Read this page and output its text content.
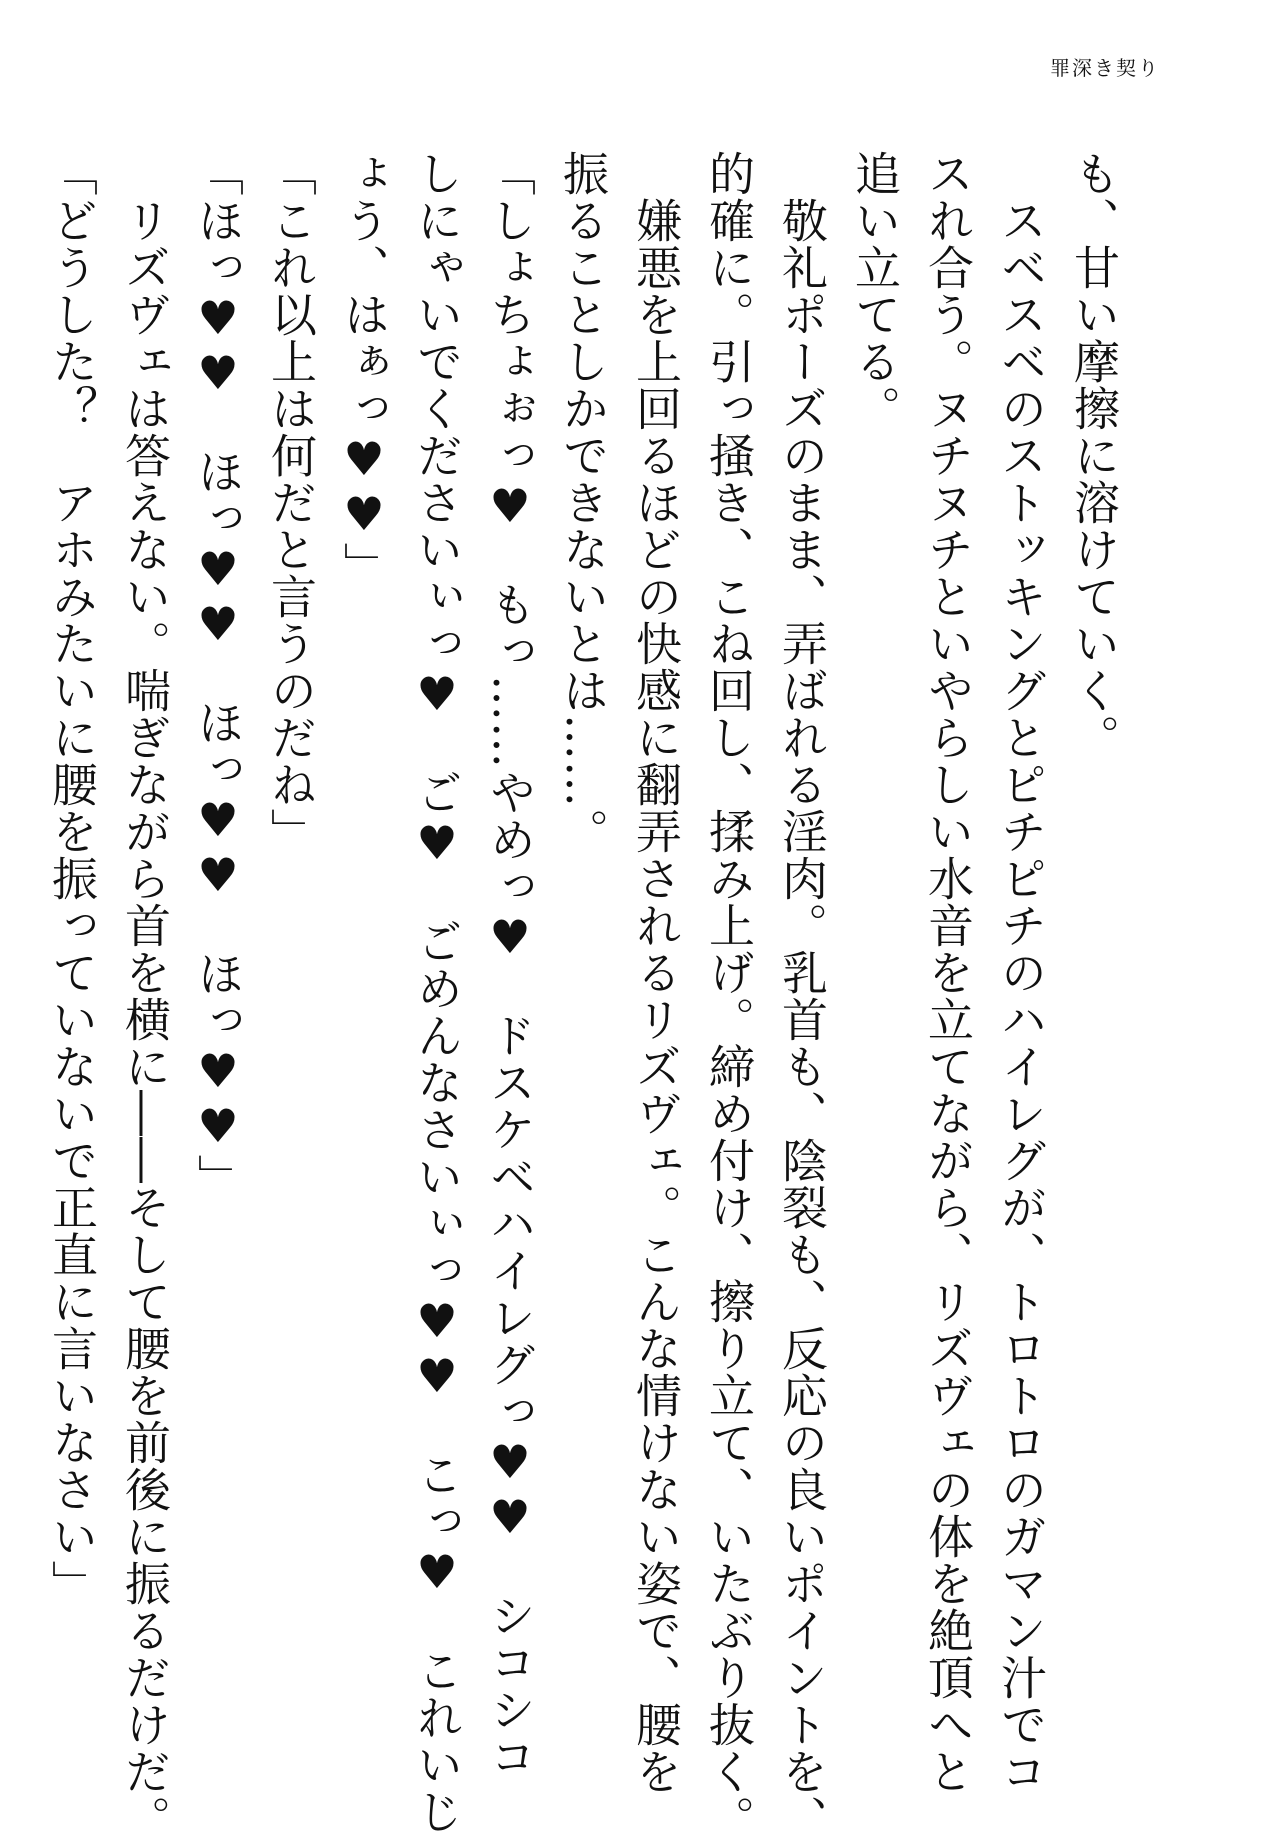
罪深き契り
も、甘い摩擦に溶けていく。
　スベスベのストッキングとピチピチのハイレグが、トロトロのガマン汁でコ
スれ合う。ヌチヌチといやらしい水音を立てながら、リズヴェの体を絶頂へと
追い立てる。
　敬礼ポーズのまま、弄ばれる淫肉。乳首も、陰裂も、反応の良いポイントを、
的確に。引っ掻き、こね回し、揉み上げ。締め付け、擦り立て、いたぶり抜く。
　嫌悪を上回るほどの快感に翻弄されるリズヴェ。こんな情けない姿で、腰を
振ることしかできないとは……。
「しょちょぉっ♥　もっ……やめっ♥　ドスケベハイレグっ♥♥　シコシコ
しにゃいでくださいぃっ♥　ご♥　ごめんなさいぃっ♥♥　こっ♥　これいじ
ょう、はぁっ♥♥」
「これ以上は何だと言うのだね」
「ほっ♥♥　ほっ♥♥　ほっ♥♥　ほっ♥♥」
　リズヴェは答えない。喘ぎながら首を横に――そして腰を前後に振るだけだ。
「どうした？　アホみたいに腰を振っていないで正直に言いなさい」
